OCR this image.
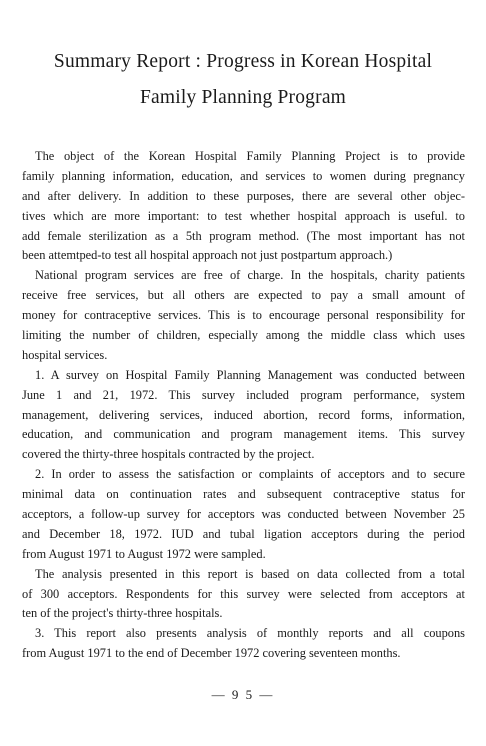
Summary Report : Progress in Korean Hospital
Family Planning Program
The object of the Korean Hospital Family Planning Project is to provide
family planning information, education, and services to women during pregnancy
and after delivery. In addition to these purposes, there are several other objec-
tives which are more important: to test whether hospital approach is useful. to
add female sterilization as a 5th program method. (The most important has not
been attemtped-to test all hospital approach not just postpartum approach.)
National program services are free of charge. In the hospitals, charity patients
receive free services, but all others are expected to pay a small amount of
money for contraceptive services. This is to encourage personal responsibility for
limiting the number of children, especially among the middle class which uses
hospital services.
1. A survey on Hospital Family Planning Management was conducted between
June 1 and 21, 1972. This survey included program performance, system
management, delivering services, induced abortion, record forms, information,
education, and communication and program management items. This survey
covered the thirty-three hospitals contracted by the project.
2. In order to assess the satisfaction or complaints of acceptors and to secure
minimal data on continuation rates and subsequent contraceptive status for
acceptors, a follow-up survey for acceptors was conducted between November 25
and December 18, 1972. IUD and tubal ligation acceptors during the period
from August 1971 to August 1972 were sampled.
The analysis presented in this report is based on data collected from a total
of 300 acceptors. Respondents for this survey were selected from acceptors at
ten of the project's thirty-three hospitals.
3. This report also presents analysis of monthly reports and all coupons
from August 1971 to the end of December 1972 covering seventeen months.
— 9 5 —
